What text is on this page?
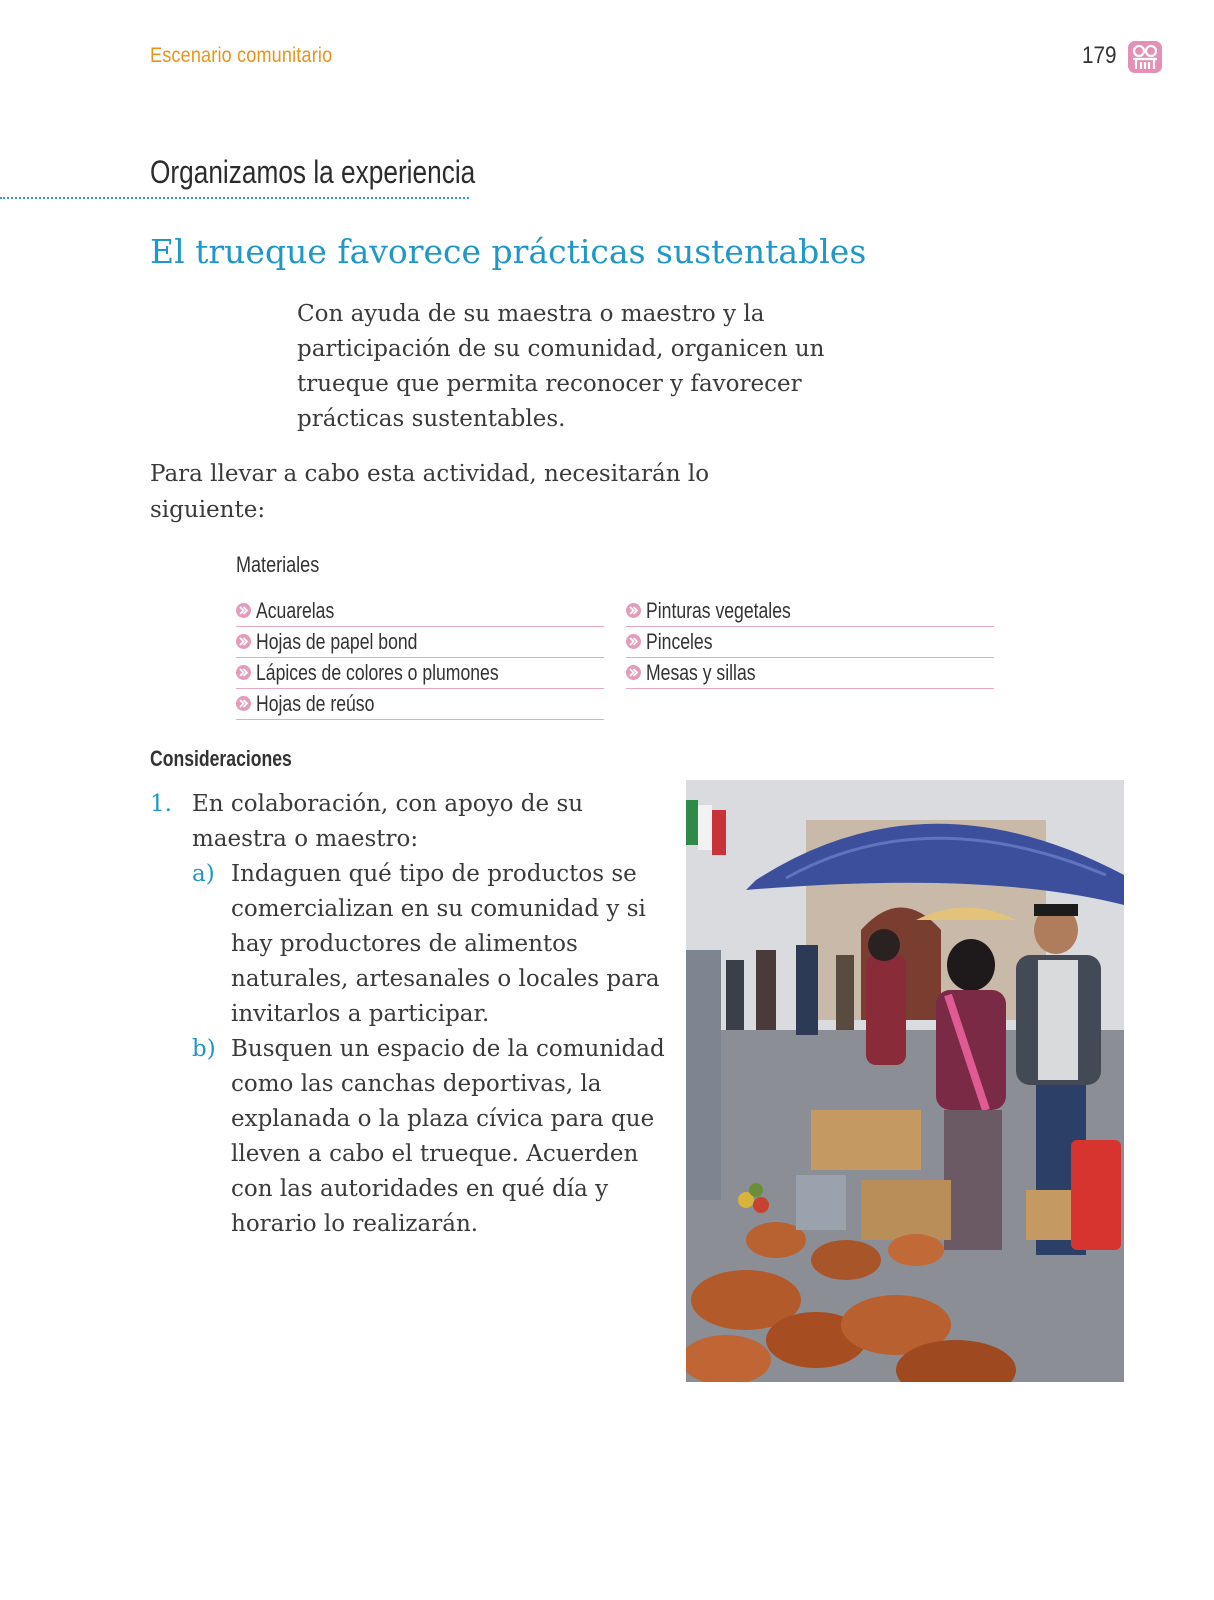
Escenario comunitario	179
Organizamos la experiencia
El trueque favorece prácticas sustentables
Con ayuda de su maestra o maestro y la participación de su comunidad, organicen un trueque que permita reconocer y favorecer prácticas sustentables.
Para llevar a cabo esta actividad, necesitarán lo siguiente:
Materiales
Acuarelas
Hojas de papel bond
Lápices de colores o plumones
Hojas de reúso
Pinturas vegetales
Pinceles
Mesas y sillas
Consideraciones
1. En colaboración, con apoyo de su maestra o maestro:
a) Indaguen qué tipo de productos se comercializan en su comunidad y si hay productores de alimentos naturales, artesanales o locales para invitarlos a participar.
b) Busquen un espacio de la comunidad como las canchas deportivas, la explanada o la plaza cívica para que lleven a cabo el trueque. Acuerden con las autoridades en qué día y horario lo realizarán.
